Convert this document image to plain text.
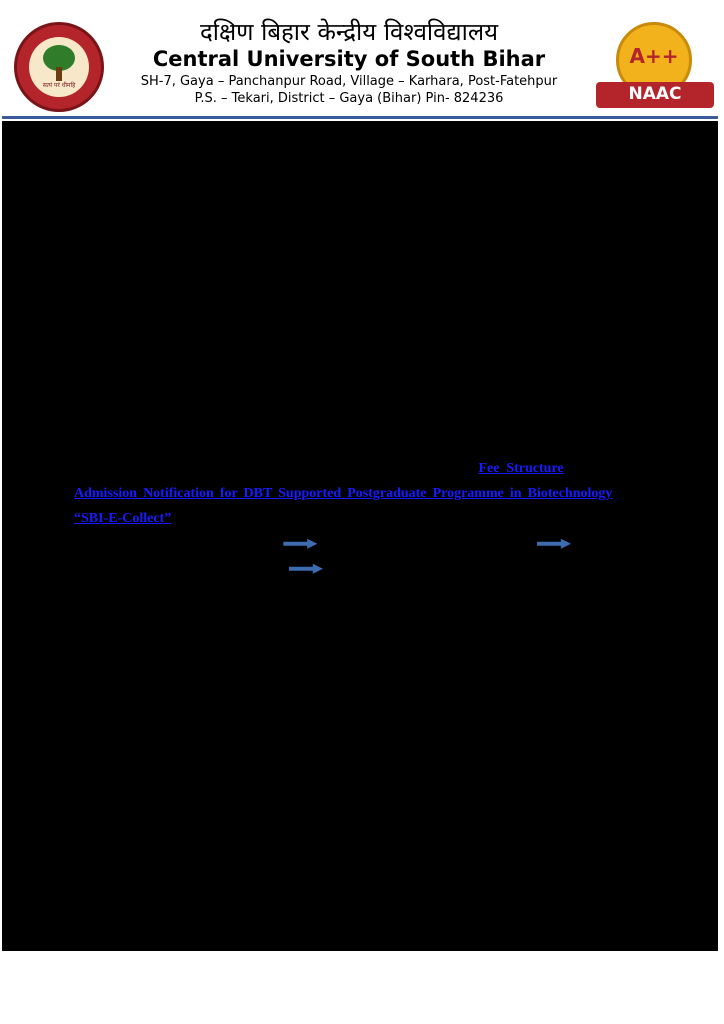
सत्यं परं धीमहि
दक्षिण बिहार केन्द्रीय विश्वविद्यालय
Central University of South Bihar
SH-7, Gaya – Panchanpur Road, Village – Karhara, Post-Fatehpur
P.S. – Tekari, District – Gaya (Bihar) Pin- 824236
A++
NAAC
ANNOUNCEMENT OF FEE PAYMENT & MERIT LIST (3rd ROUND) FOR ADMISSION IN DBT
SUPPORTED POSTGRADUATE PROGRAMME IN BIOTECHNOLOGY: ACADEMIC YEAR 2023-24
The list of candidates who have been provisionally selected for DBT supported M.Sc. Biotechnology Programme in the Third (3rd ) merit list is hereby notified.
List of candidates selected for admission in DBT supported M.Sc. Biotechnology Programme
S.No. GATB Roll No.	GATB Appl. No. Name of the candidate Category
1
2
3
4
5
2. The provisionally selected students for admission in DBT supported Biotechnology Programme may apply for admission by depositing the programme fee as per Fee Structure provided in the Admission Notification for DBT Supported Postgraduate Programme in Biotechnology through “SBI-E-Collect” within the deadline (from 12.09.2023 to 13.09.2023). Please follow the following pathway through SBI-E-Collect	Go to SBI-E- Collect Homepage	choose Select Category as Educational Institutions	Filter by State as Bihar & type Central University of South Bihar Admission in search bar and select the same choose payment category as Admission Fee - DBT Supported PG Prog -3rd Round .
ADMISSION NOTIFICATION FOR DBT SUPPORTED POSTGRADUATE
PROGRAMME IN BIOTECHNOLOGY
Controller of Examinations
